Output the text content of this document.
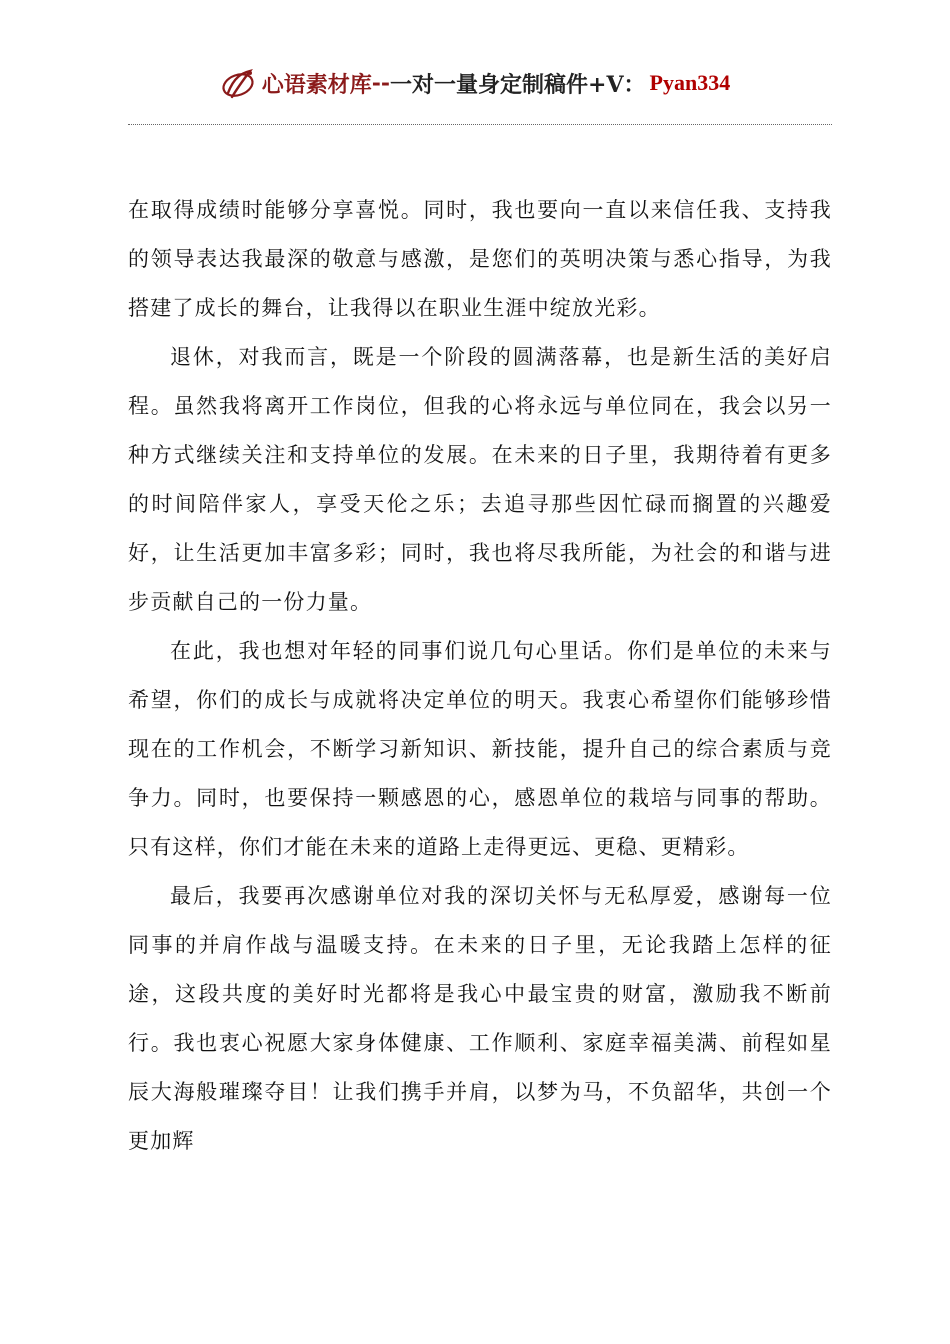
心语素材库 -- 一对一量身定制稿件+V： Pyan334

在取得成绩时能够分享喜悦。同时，我也要向一直以来信任我、支持我的领导表达我最深的敬意与感激，是您们的英明决策与悉心指导，为我搭建了成长的舞台，让我得以在职业生涯中绽放光彩。

退休，对我而言，既是一个阶段的圆满落幕，也是新生活的美好启程。虽然我将离开工作岗位，但我的心将永远与单位同在，我会以另一种方式继续关注和支持单位的发展。在未来的日子里，我期待着有更多的时间陪伴家人，享受天伦之乐；去追寻那些因忙碌而搁置的兴趣爱好，让生活更加丰富多彩；同时，我也将尽我所能，为社会的和谐与进步贡献自己的一份力量。

在此，我也想对年轻的同事们说几句心里话。你们是单位的未来与希望，你们的成长与成就将决定单位的明天。我衷心希望你们能够珍惜现在的工作机会，不断学习新知识、新技能，提升自己的综合素质与竞争力。同时，也要保持一颗感恩的心，感恩单位的栽培与同事的帮助。只有这样，你们才能在未来的道路上走得更远、更稳、更精彩。

最后，我要再次感谢单位对我的深切关怀与无私厚爱，感谢每一位同事的并肩作战与温暖支持。在未来的日子里，无论我踏上怎样的征途，这段共度的美好时光都将是我心中最宝贵的财富，激励我不断前行。我也衷心祝愿大家身体健康、工作顺利、家庭幸福美满、前程如星辰大海般璀璨夺目！让我们携手并肩，以梦为马，不负韶华，共创一个更加辉
